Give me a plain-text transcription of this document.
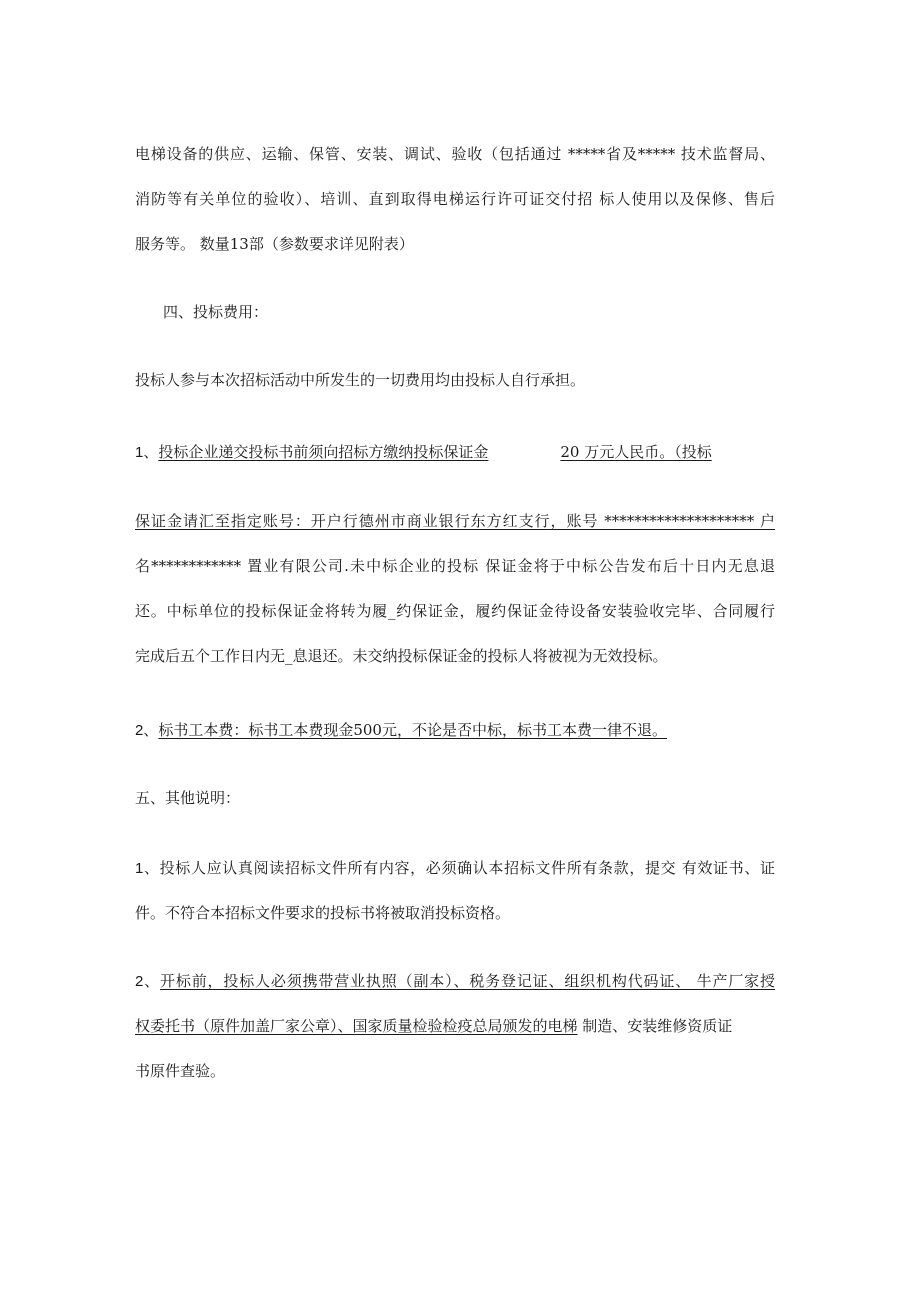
电梯设备的供应、运输、保管、安装、调试、验收（包括通过 *****省及***** 技术监督局、
消防等有关单位的验收）、培训、直到取得电梯运行许可证交付招 标人使用以及保修、售后
服务等。 数量13部（参数要求详见附表）
四、投标费用：
投标人参与本次招标活动中所发生的一切费用均由投标人自行承担。
1、投标企业递交投标书前须向招标方缴纳投标保证金	20 万元人民币。（投标
保证金请汇至指定账号：开户行德州市商业银行东方红支行，账号 ******************** 户
名************ 置业有限公司.未中标企业的投标 保证金将于中标公告发布后十日内无息退
还。中标单位的投标保证金将转为履_约保证金，履约保证金待设备安装验收完毕、合同履行
完成后五个工作日内无_息退还。未交纳投标保证金的投标人将被视为无效投标。
2、标书工本费：标书工本费现金500元，不论是否中标，标书工本费一律不退。
五、其他说明：
1、投标人应认真阅读招标文件所有内容，必须确认本招标文件所有条款，提交 有效证书、证
件。不符合本招标文件要求的投标书将被取消投标资格。
2、开标前，投标人必须携带营业执照（副本）、税务登记证、组织机构代码证、 牛产厂家授
权委托书（原件加盖厂家公章）、国家质量检验检疫总局颁发的电梯 制造、安装维修资质证
书原件查验。
